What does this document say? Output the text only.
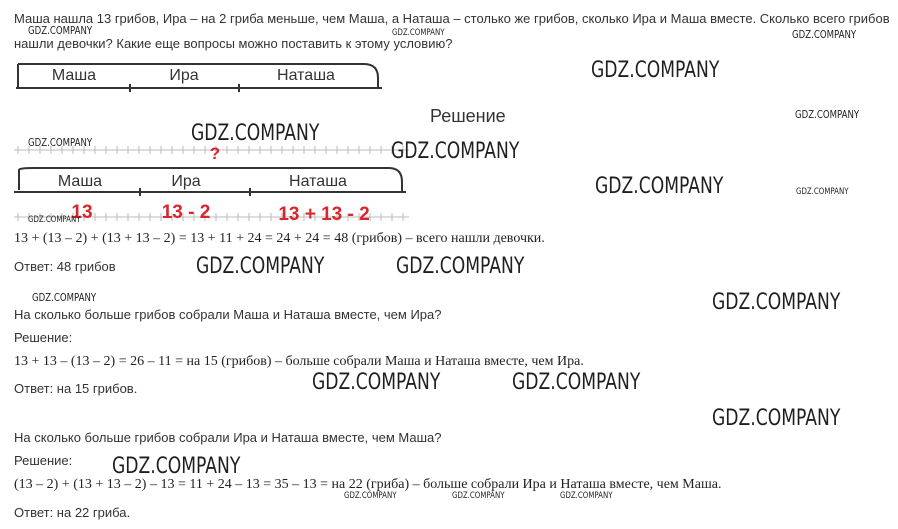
Маша нашла 13 грибов, Ира – на 2 гриба меньше, чем Маша, а Наташа – столько же грибов, сколько Ира и Маша вместе. Сколько всего грибов
нашли девочки? Какие еще вопросы можно поставить к этому условию?
Маша	Ира	Наташа
Решение
?
Маша	Ира	Наташа
13	13 - 2	13 + 13 - 2
13 + (13 – 2) + (13 + 13 – 2) = 13 + 11 + 24 = 24 + 24 = 48 (грибов) – всего нашли девочки.
Ответ: 48 грибов
На сколько больше грибов собрали Маша и Наташа вместе, чем Ира?
Решение:
13 + 13 – (13 – 2) = 26 – 11 = на 15 (грибов) – больше собрали Маша и Наташа вместе, чем Ира.
Ответ: на 15 грибов.
На сколько больше грибов собрали Ира и Наташа вместе, чем Маша?
Решение:
(13 – 2) + (13 + 13 – 2) – 13 = 11 + 24 – 13 = 35 – 13 = на 22 (гриба) – больше собрали Ира и Наташа вместе, чем Маша.
Ответ: на 22 гриба.
GDZ.COMPANY	GDZ.COMPANY	GDZ.COMPANY
GDZ.COMPANY
GDZ.COMPANY
GDZ.COMPANY	GDZ.COMPANY
GDZ.COMPANY
GDZ.COMPANY	GDZ.COMPANY
GDZ.COMPANY
GDZ.COMPANY	GDZ.COMPANY
GDZ.COMPANY	GDZ.COMPANY
GDZ.COMPANY	GDZ.COMPANY
GDZ.COMPANY
GDZ.COMPANY
GDZ.COMPANY	GDZ.COMPANY	GDZ.COMPANY
